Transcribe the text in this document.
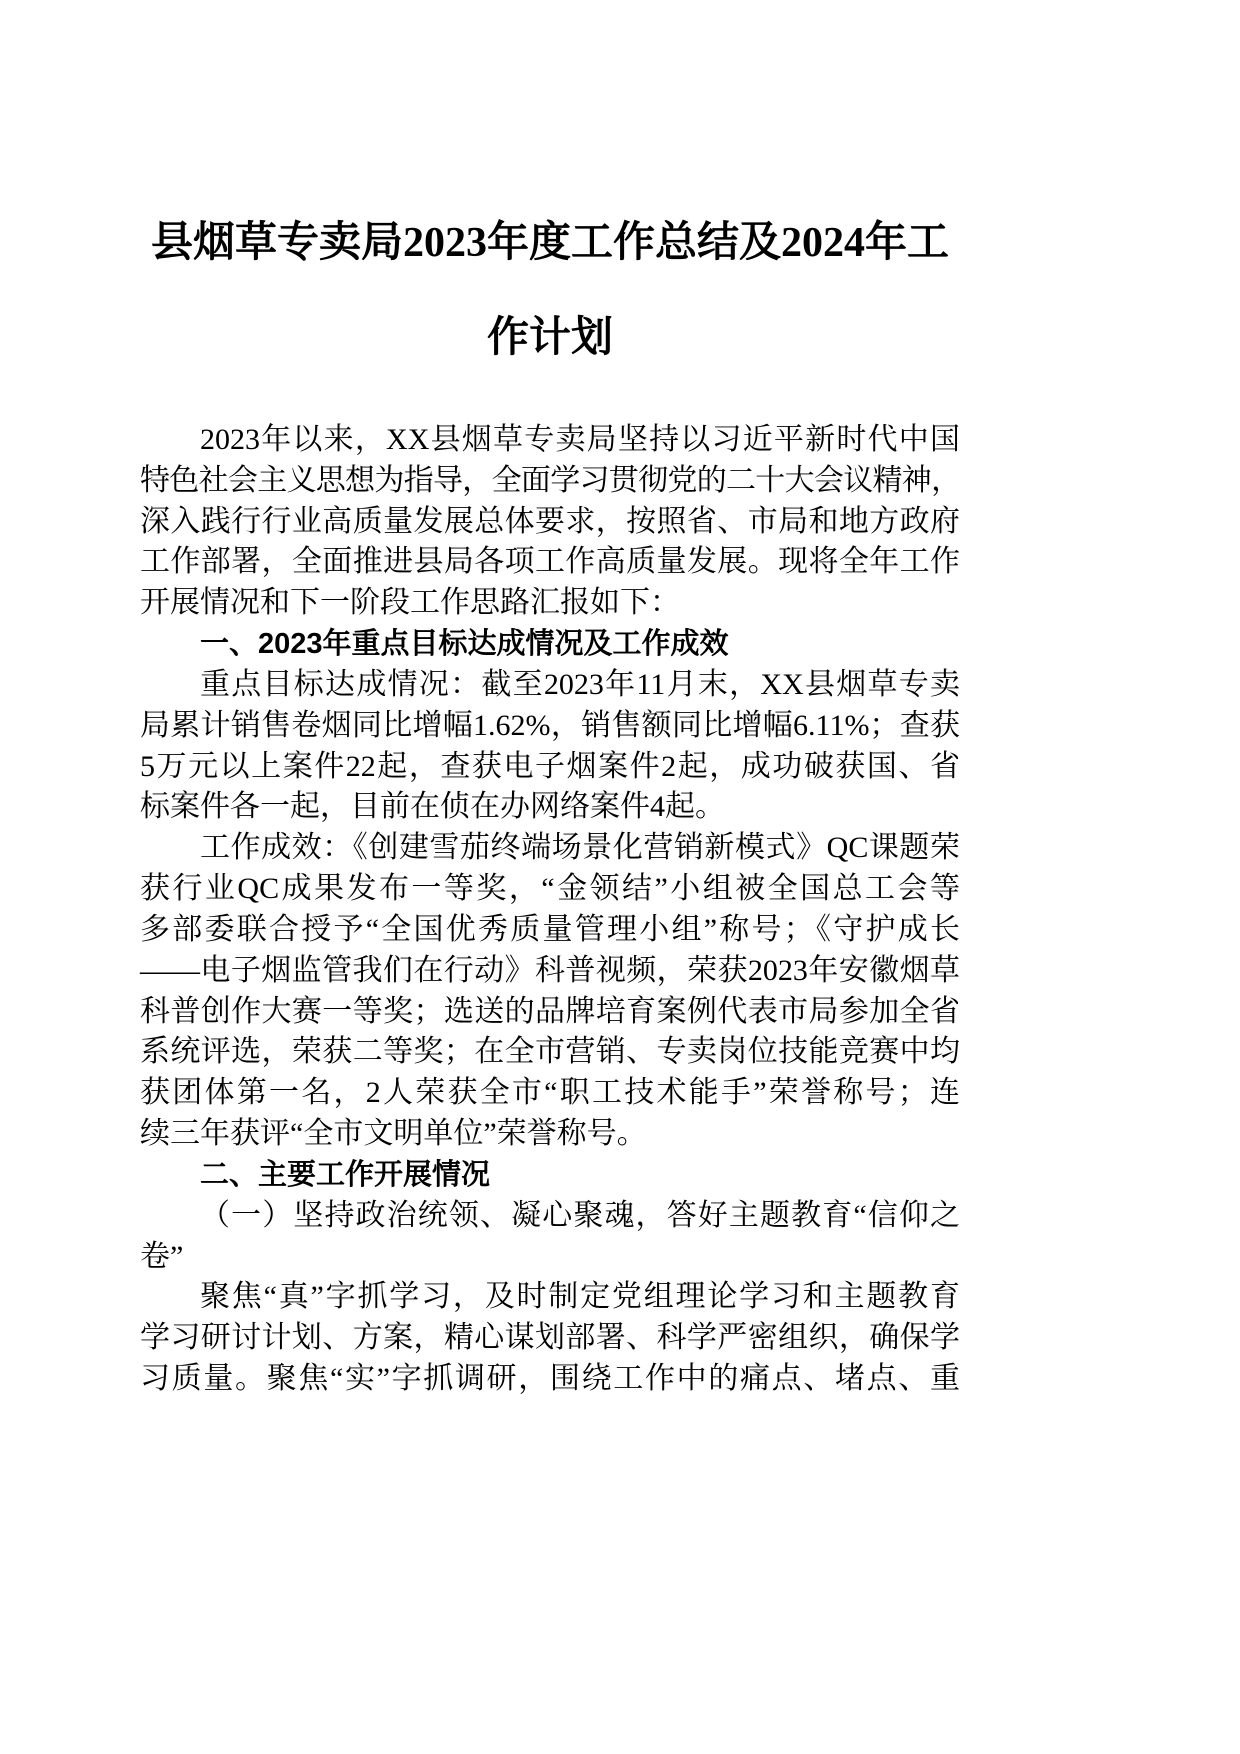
县烟草专卖局2023年度工作总结及2024年工作计划
2023年以来，XX县烟草专卖局坚持以习近平新时代中国
特色社会主义思想为指导，全面学习贯彻党的二十大会议精神，
深入践行行业高质量发展总体要求，按照省、市局和地方政府
工作部署，全面推进县局各项工作高质量发展。现将全年工作
开展情况和下一阶段工作思路汇报如下：
一、2023年重点目标达成情况及工作成效
重点目标达成情况：截至2023年11月末，XX县烟草专卖
局累计销售卷烟同比增幅1.62%，销售额同比增幅6.11%；查获
5万元以上案件22起，查获电子烟案件2起，成功破获国、省
标案件各一起，目前在侦在办网络案件4起。
工作成效：《创建雪茄终端场景化营销新模式》QC课题荣
获行业QC成果发布一等奖，“金领结”小组被全国总工会等
多部委联合授予“全国优秀质量管理小组”称号；《守护成长
——电子烟监管我们在行动》科普视频，荣获2023年安徽烟草
科普创作大赛一等奖；选送的品牌培育案例代表市局参加全省
系统评选，荣获二等奖；在全市营销、专卖岗位技能竞赛中均
获团体第一名，2人荣获全市“职工技术能手”荣誉称号；连
续三年获评“全市文明单位”荣誉称号。
二、主要工作开展情况
（一）坚持政治统领、凝心聚魂，答好主题教育“信仰之
卷”
聚焦“真”字抓学习，及时制定党组理论学习和主题教育
学习研讨计划、方案，精心谋划部署、科学严密组织，确保学
习质量。聚焦“实”字抓调研，围绕工作中的痛点、堵点、重
